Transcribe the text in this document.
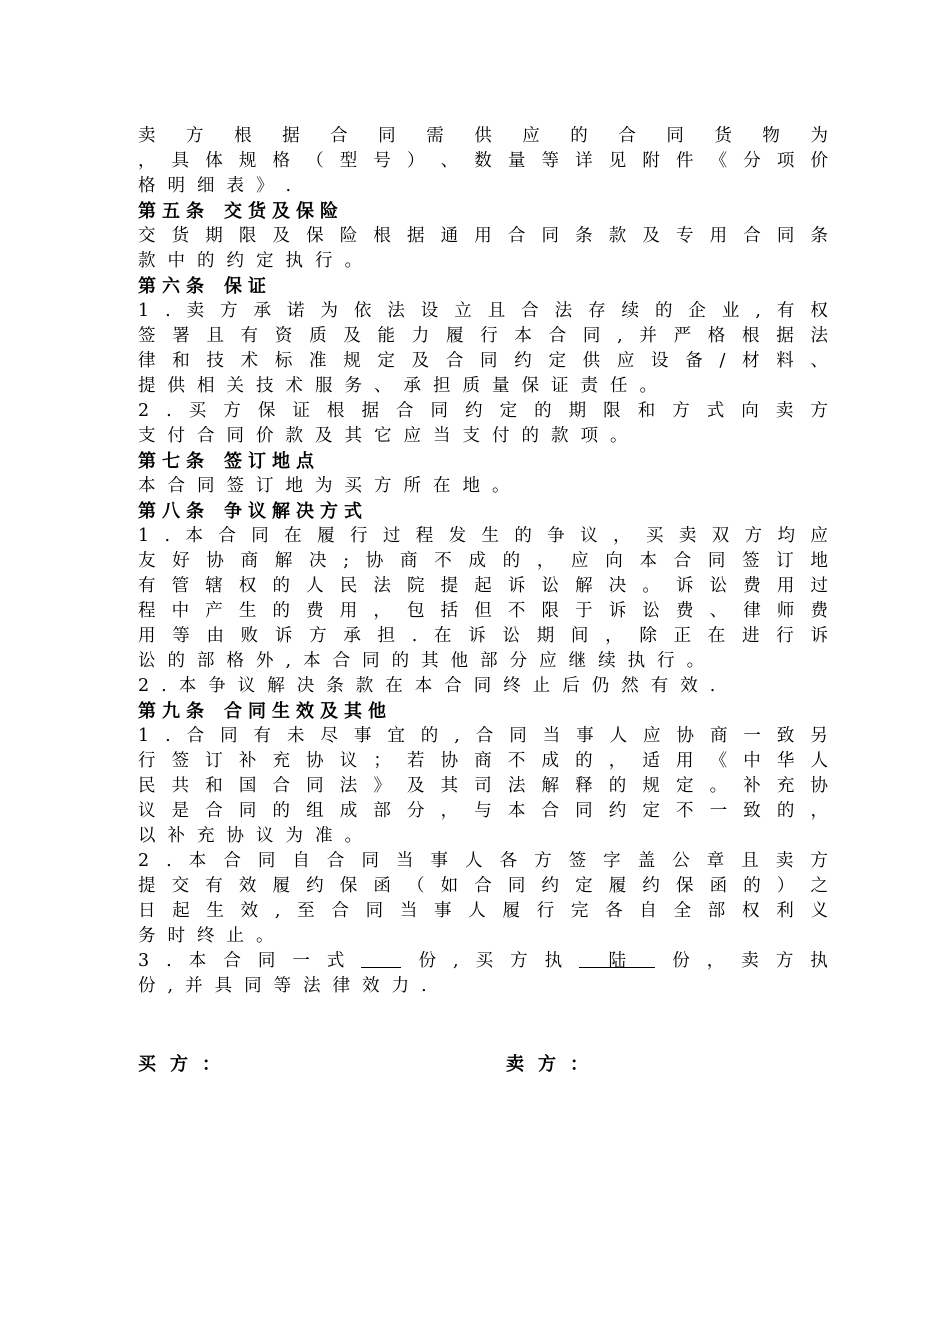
卖 方 根 据 合 同 需 供 应 的 合 同 货 物 为
， 具 体 规 格 （ 型 号 ） 、 数 量 等 详 见 附 件 《 分 项 价
格 明 细 表 》 .
第五条 交货及保险
交 货 期 限 及 保 险 根 据 通 用 合 同 条 款 及 专 用 合 同 条
款 中 的 约 定 执 行 。
第六条 保证
1 . 卖 方 承 诺 为 依 法 设 立 且 合 法 存 续 的 企 业 , 有 权
签 署 且 有 资 质 及 能 力 履 行 本 合 同 , 并 严 格 根 据 法
律 和 技 术 标 准 规 定 及 合 同 约 定 供 应 设 备 / 材 料 、
提 供 相 关 技 术 服 务 、 承 担 质 量 保 证 责 任 。
2 . 买 方 保 证 根 据 合 同 约 定 的 期 限 和 方 式 向 卖 方
支 付 合 同 价 款 及 其 它 应 当 支 付 的 款 项 。
第七条 签订地点
本 合 同 签 订 地 为 买 方 所 在 地 。
第八条 争议解决方式
1 . 本 合 同 在 履 行 过 程 发 生 的 争 议 ， 买 卖 双 方 均 应
友 好 协 商 解 决 ; 协 商 不 成 的 ， 应 向 本 合 同 签 订 地
有 管 辖 权 的 人 民 法 院 提 起 诉 讼 解 决 。 诉 讼 费 用 过
程 中 产 生 的 费 用 ， 包 括 但 不 限 于 诉 讼 费 、 律 师 费
用 等 由 败 诉 方 承 担 . 在 诉 讼 期 间 ， 除 正 在 进 行 诉
讼 的 部 格 外 , 本 合 同 的 其 他 部 分 应 继 续 执 行 。
2 . 本 争 议 解 决 条 款 在 本 合 同 终 止 后 仍 然 有 效 .
第九条 合同生效及其他
1 . 合 同 有 未 尽 事 宜 的 , 合 同 当 事 人 应 协 商 一 致 另
行 签 订 补 充 协 议 ； 若 协 商 不 成 的 ， 适 用 《 中 华 人
民 共 和 国 合 同 法 》 及 其 司 法 解 释 的 规 定 。 补 充 协
议 是 合 同 的 组 成 部 分 ， 与 本 合 同 约 定 不 一 致 的 ，
以 补 充 协 议 为 准 。
2 . 本 合 同 自 合 同 当 事 人 各 方 签 字 盖 公 章 且 卖 方
提 交 有 效 履 约 保 函 （ 如 合 同 约 定 履 约 保 函 的 ） 之
日 起 生 效 , 至 合 同 当 事 人 履 行 完 各 自 全 部 权 利 义
务 时 终 止 。
3 . 本 合 同 一 式	份 , 买 方 执	陆	份 ， 卖 方 执
份 , 并 具 同 等 法 律 效 力 .
买方：	卖方：
